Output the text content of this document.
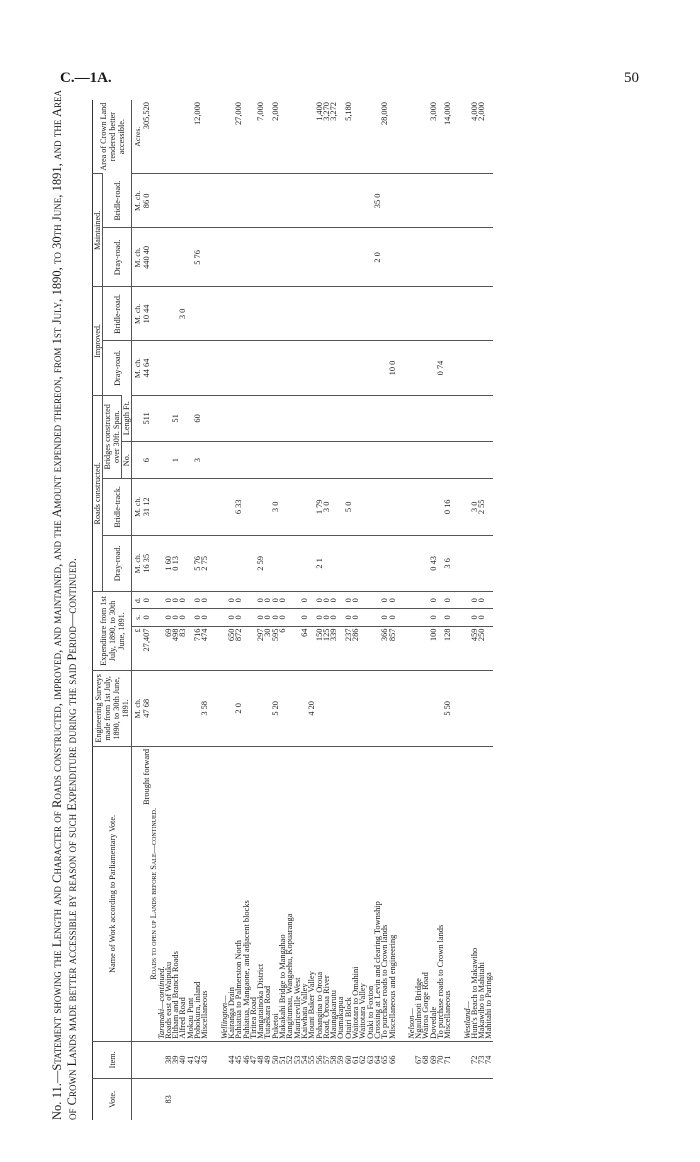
C.—1A.	50
No. 11.—Statement showing the Length and Character of Roads constructed, improved, and maintained, and the Amount expended thereon, from 1st July, 1890, to 30th June, 1891, and the Area of Crown Lands made better accessible by reason of such Expenditure during the said Period—continued.	Vote.	Item.	Name of Work according to Parliamentary Vote.	Engineering Surveys made from 1st July, 1890, to 30th June, 1891.	Expenditure from 1st July, 1890, to 30th June, 1891.			Roads constructed.				Improved.		Maintained.		Area of Crown Land rendered better accessible.
							Dray-road.	Bridle-track.	Bridges constructed over 30ft. Span.		Dray-road.	Bridle-road.	Dray-road.	Bridle-road.	
									No.	Length Ft.					
			M. ch.	£	s.	d.	M. ch.	M. ch.			M. ch.	M. ch.	M. ch.	M. ch.	Acres.
		Brought forward	47 68	27,407	0	0	16 35	31 12	6	511	44 64	10 44	440 40	86 0	305,520
		Roads to open up Lands before Sale—continued.													
		Taranaki—continued.													
83	38	Roads east of Waipuku		69	0	0	1 60								
	39	Eltham and Branch Roads		498	0	0	0 13		1	51					
	40	Alfred Road		83	0	0						3 0			
	41	Mokau Punt													
	42	Pohokura, inland		716	0	0	5 76		3	60			5 76		12,000
	43	Miscellaneous	3 58	474	0	0	2 75								
		Wellington—													
	44	Kairanga Drain		650	0	0									
	45	Pahiatua to Palmerston North	2 0	872	0	0		6 33							27,000
	46	Pahiatua, Mangaone, and adjacent blocks													
	47	Tiritea Road													
	48	Mangatainoka District		297	0	0	2 59								7,000
	49	Tutaekara Road		30	0	0									
	50	Puketoi	5 20	595	0	0		3 0							2,000
	51	Makakahi Bridge to Mangahao		6	0	0									
	52	Rangitumau, Wangaehu, Kopuaranga													
	53	Mauriceville West													
	54	Kaiwhata Valley		64	0	0									
	55	Mount Baker Valley	4 20												
	56	Pohangina to Oroua		150	0	0	2 1	1 79							1,400
	57	Road, Oroua River		125	0	0		3 0							3,270
	58	Maungakarutu		339	0	0									3,272
	59	Otamakapua													
	60	Otairi Block		237	0	0		5 0							5,180
	61	Waitotara to Omahini		286	0	0									
	62	Waitotara Valley													
	63	Otaki to Foxton													
	64	Crossing at Levin and clearing Township											2 0	35 0	
	65	To purchase roads to Crown lands		366	0	0									28,000
	66	Miscellaneous and engineering		857	0	0					10 0				
		Nelson—													
	67	Ngaulmoti Bridge													
	68	Wairoa Gorge Road													
	69	Dovedale		100	0	0	0 43								3,000
	70	To purchase roads to Crown lands									0 74				
	71	Miscellaneous	5 50	128	0	0	3 6	0 16							14,000
		Westland—													
	72	Hunt's Beach to Makawiho		459	0	0		3 0							4,000
	73	Makawiho to Mahitahi		250	0	0		2 55							2,000
	74	Mahitahi to Paringa													
